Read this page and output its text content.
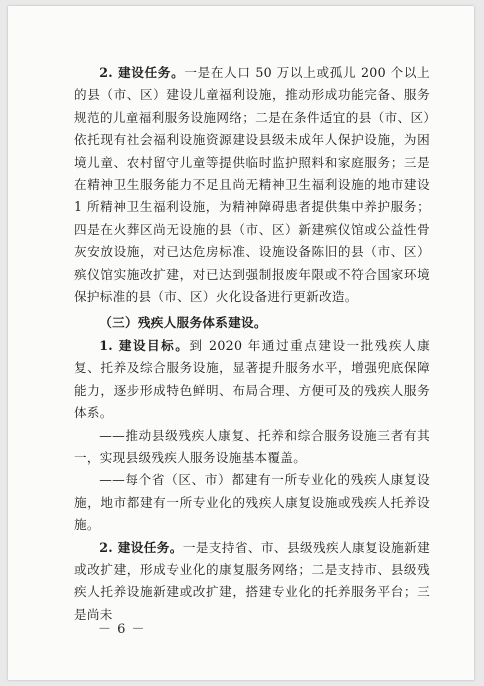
2. 建设任务。一是在人口 50 万以上或孤儿 200 个以上的县（市、区）建设儿童福利设施，推动形成功能完备、服务规范的儿童福利服务设施网络；二是在条件适宜的县（市、区）依托现有社会福利设施资源建设县级未成年人保护设施，为困境儿童、农村留守儿童等提供临时监护照料和家庭服务；三是在精神卫生服务能力不足且尚无精神卫生福利设施的地市建设 1 所精神卫生福利设施，为精神障碍患者提供集中养护服务；四是在火葬区尚无设施的县（市、区）新建殡仪馆或公益性骨灰安放设施，对已达危房标准、设施设备陈旧的县（市、区）殡仪馆实施改扩建，对已达到强制报废年限或不符合国家环境保护标准的县（市、区）火化设备进行更新改造。

（三）残疾人服务体系建设。

1. 建设目标。到 2020 年通过重点建设一批残疾人康复、托养及综合服务设施，显著提升服务水平，增强兜底保障能力，逐步形成特色鲜明、布局合理、方便可及的残疾人服务体系。

——推动县级残疾人康复、托养和综合服务设施三者有其一，实现县级残疾人服务设施基本覆盖。

——每个省（区、市）都建有一所专业化的残疾人康复设施，地市都建有一所专业化的残疾人康复设施或残疾人托养设施。

2. 建设任务。一是支持省、市、县级残疾人康复设施新建或改扩建，形成专业化的康复服务网络；二是支持市、县级残疾人托养设施新建或改扩建，搭建专业化的托养服务平台；三是尚未

－ 6 －
